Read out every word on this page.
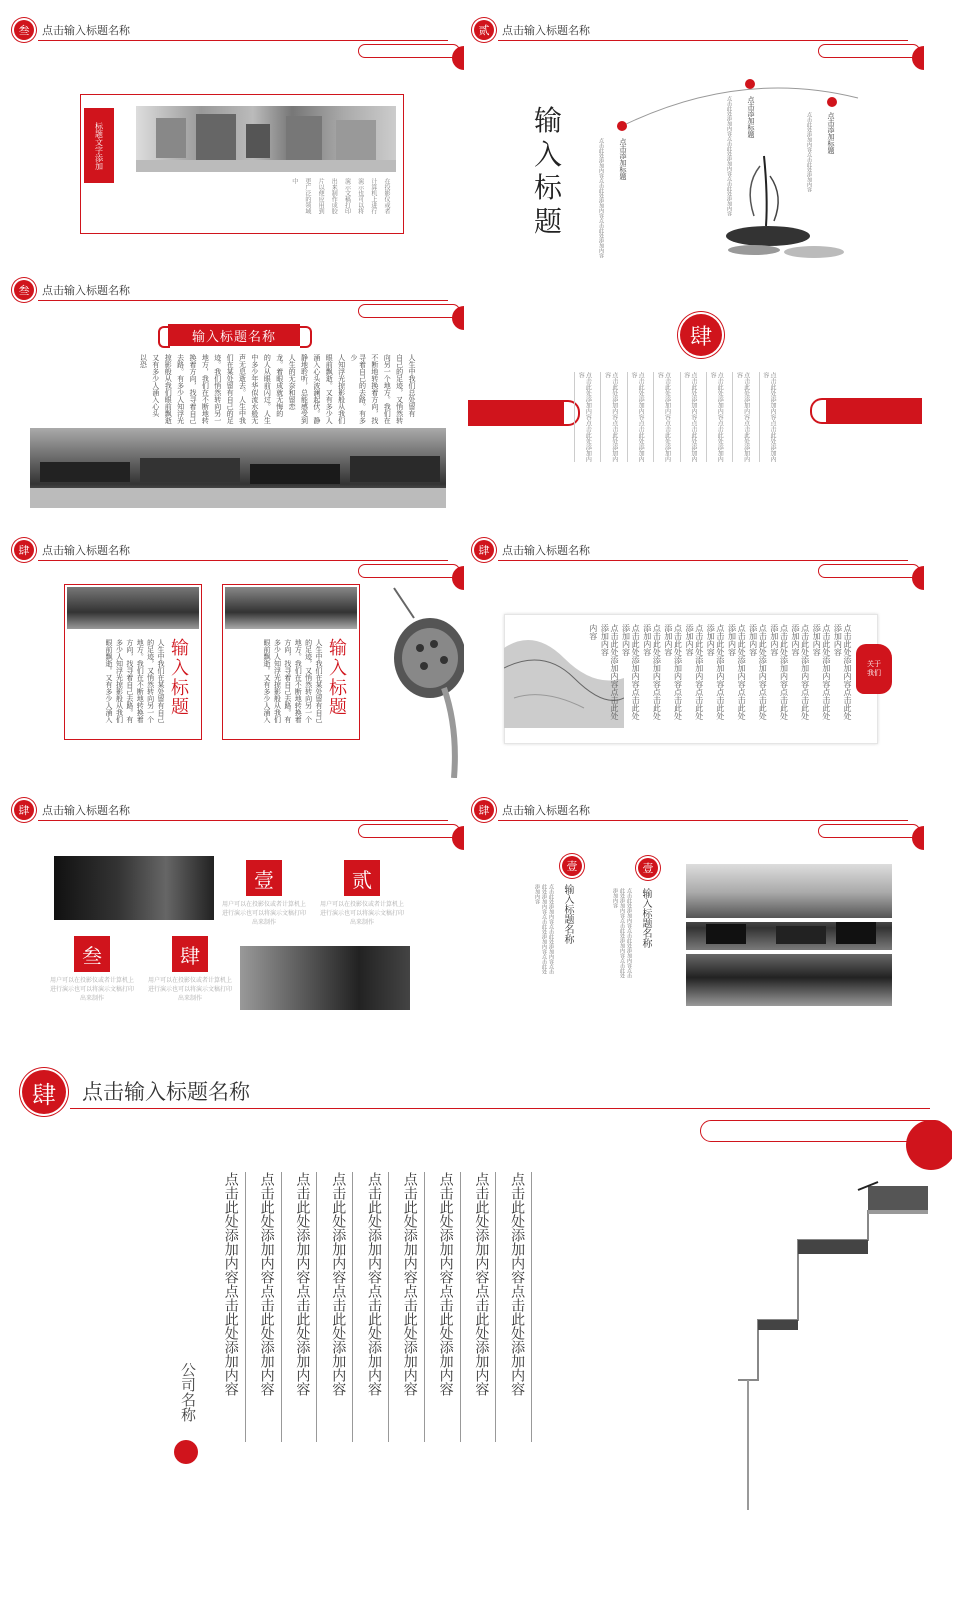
叁	点击输入标题名称
标题文字添加
在投影仪或者
计算机上进行
演示也可以将
演示文稿打印
出来制作成胶
片以便应用到
更广泛的领域
中
贰	点击输入标题名称
输入标题
点击添加标题
点击此处添加内容点击此处添加内容点击此处添加内容
点击添加标题
点击此处添加内容点击此处添加内容点击此处添加内容	点击添加标题
点击此处添加内容点击此处添加内容
叁	点击输入标题名称
输入标题名称
人生中我们总处留有
自己的足迹，又悄然转
向另一个地方。我们在
不断地转换着方向，找
寻着自己的去路。有多少
人知浮光掠影般从我们
眼前飘逝。又有多少人
涌入心头波澜起伏。静
静地聆听，总能感受到
人生的无奈和留恋
龙。着眼成就无悔的
的人从眼前闪过。人生
中多少年华似流水般无
声无息逝去。人生中我
们在某处留有自己的足
迹。我们悄然转向另一
地方，我们在不断地转
换着方向，找寻着自己
去路。有多少人知浮光
掠影般从我们眼前飘逝
又有多少人涌入心头
以恐
肆
点击此处添加内容点击此处添加内容
点击此处添加内容点击此处添加内容
点击此处添加内容点击此处添加内容
点击此处添加内容点击此处添加内容
点击此处添加内容点击此处添加内容
点击此处添加内容点击此处添加内容
点击此处添加内容点击此处添加内容
点击此处添加内容点击此处添加内容
肆	点击输入标题名称
输入标题
人生中我们在某处留有自己
的足迹，又悄然转向另一个
地方。我们在不断地转换着
方向，找寻着自己去路。有
多少人知浮光掠影般从我们
眼前飘逝。又有多少人涌入	输入标题
人生中我们在某处留有自己
的足迹，又悄然转向另一个
地方。我们在不断地转换着
方向，找寻着自己去路。有
多少人知浮光掠影般从我们
眼前飘逝。又有多少人涌入
肆	点击输入标题名称
点击此处添加内容点击此处添加内容
点击此处添加内容点击此处添加内容
点击此处添加内容点击此处添加内容
点击此处添加内容点击此处添加内容
点击此处添加内容点击此处添加内容
点击此处添加内容点击此处添加内容
点击此处添加内容点击此处添加内容
点击此处添加内容点击此处添加内容
点击此处添加内容点击此处添加内容
点击此处添加内容点击此处添加内容
点击此处添加内容点击此处添加内容
点击此处添加内容点击此处添加内容
内容
关于我们
肆	点击输入标题名称
壹
用户可以在投影仪或者计算机上进行演示也可以将演示文稿打印出来制作
贰
用户可以在投影仪或者计算机上进行演示也可以将演示文稿打印出来制作
叁
用户可以在投影仪或者计算机上进行演示也可以将演示文稿打印出来制作
肆
用户可以在投影仪或者计算机上进行演示也可以将演示文稿打印出来制作
肆	点击输入标题名称
壹
输入标题名称
点击此处添加内容点击此处添加内容点击此处添加内容点击此处添加内容点击此处添加内容
壹
输入标题名称
点击此处添加内容点击此处添加内容点击此处添加内容点击此处添加内容点击此处添加内容
肆	点击输入标题名称
公司名称 点击此处添加内容点击此处添加内容	点击此处添加内容点击此处添加内容	点击此处添加内容点击此处添加内容	点击此处添加内容点击此处添加内容	点击此处添加内容点击此处添加内容	点击此处添加内容点击此处添加内容	点击此处添加内容点击此处添加内容	点击此处添加内容点击此处添加内容	点击此处添加内容点击此处添加内容
